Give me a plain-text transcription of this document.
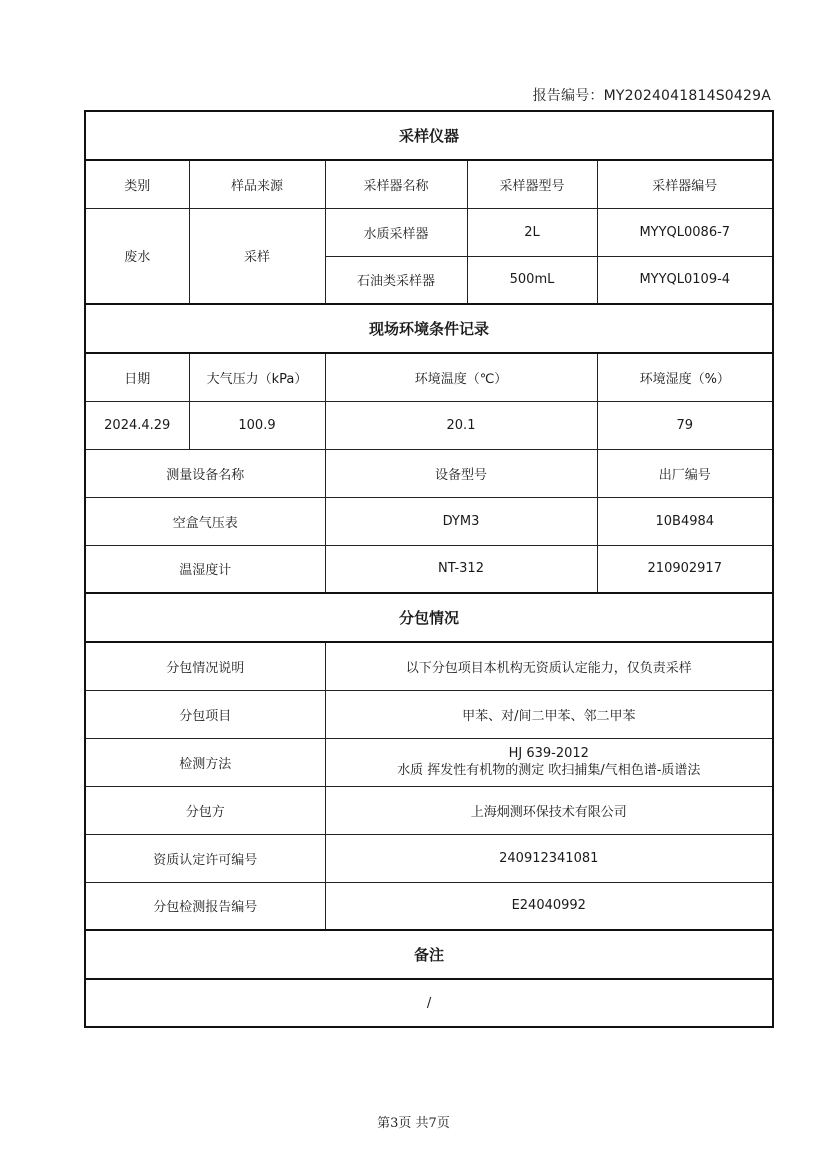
报告编号：MY2024041814S0429A
采样仪器				
类别	样品来源	采样器名称	采样器型号	采样器编号
废水	采样	水质采样器	2L	MYYQL0086-7
		石油类采样器	500mL	MYYQL0109-4
现场环境条件记录				
日期	大气压力（kPa）	环境温度（℃）		环境湿度（%）
2024.4.29	100.9	20.1		79
测量设备名称		设备型号		出厂编号
空盒气压表		DYM3		10B4984
温湿度计		NT-312		210902917
分包情况				
分包情况说明		以下分包项目本机构无资质认定能力，仅负责采样		
分包项目		甲苯、对/间二甲苯、邻二甲苯		
检测方法		HJ 639-2012
水质 挥发性有机物的测定 吹扫捕集/气相色谱-质谱法		

分包方		上海炯测环保技术有限公司		
资质认定许可编号		240912341081		
分包检测报告编号		E24040992		
备注				
/				
第3页 共7页
